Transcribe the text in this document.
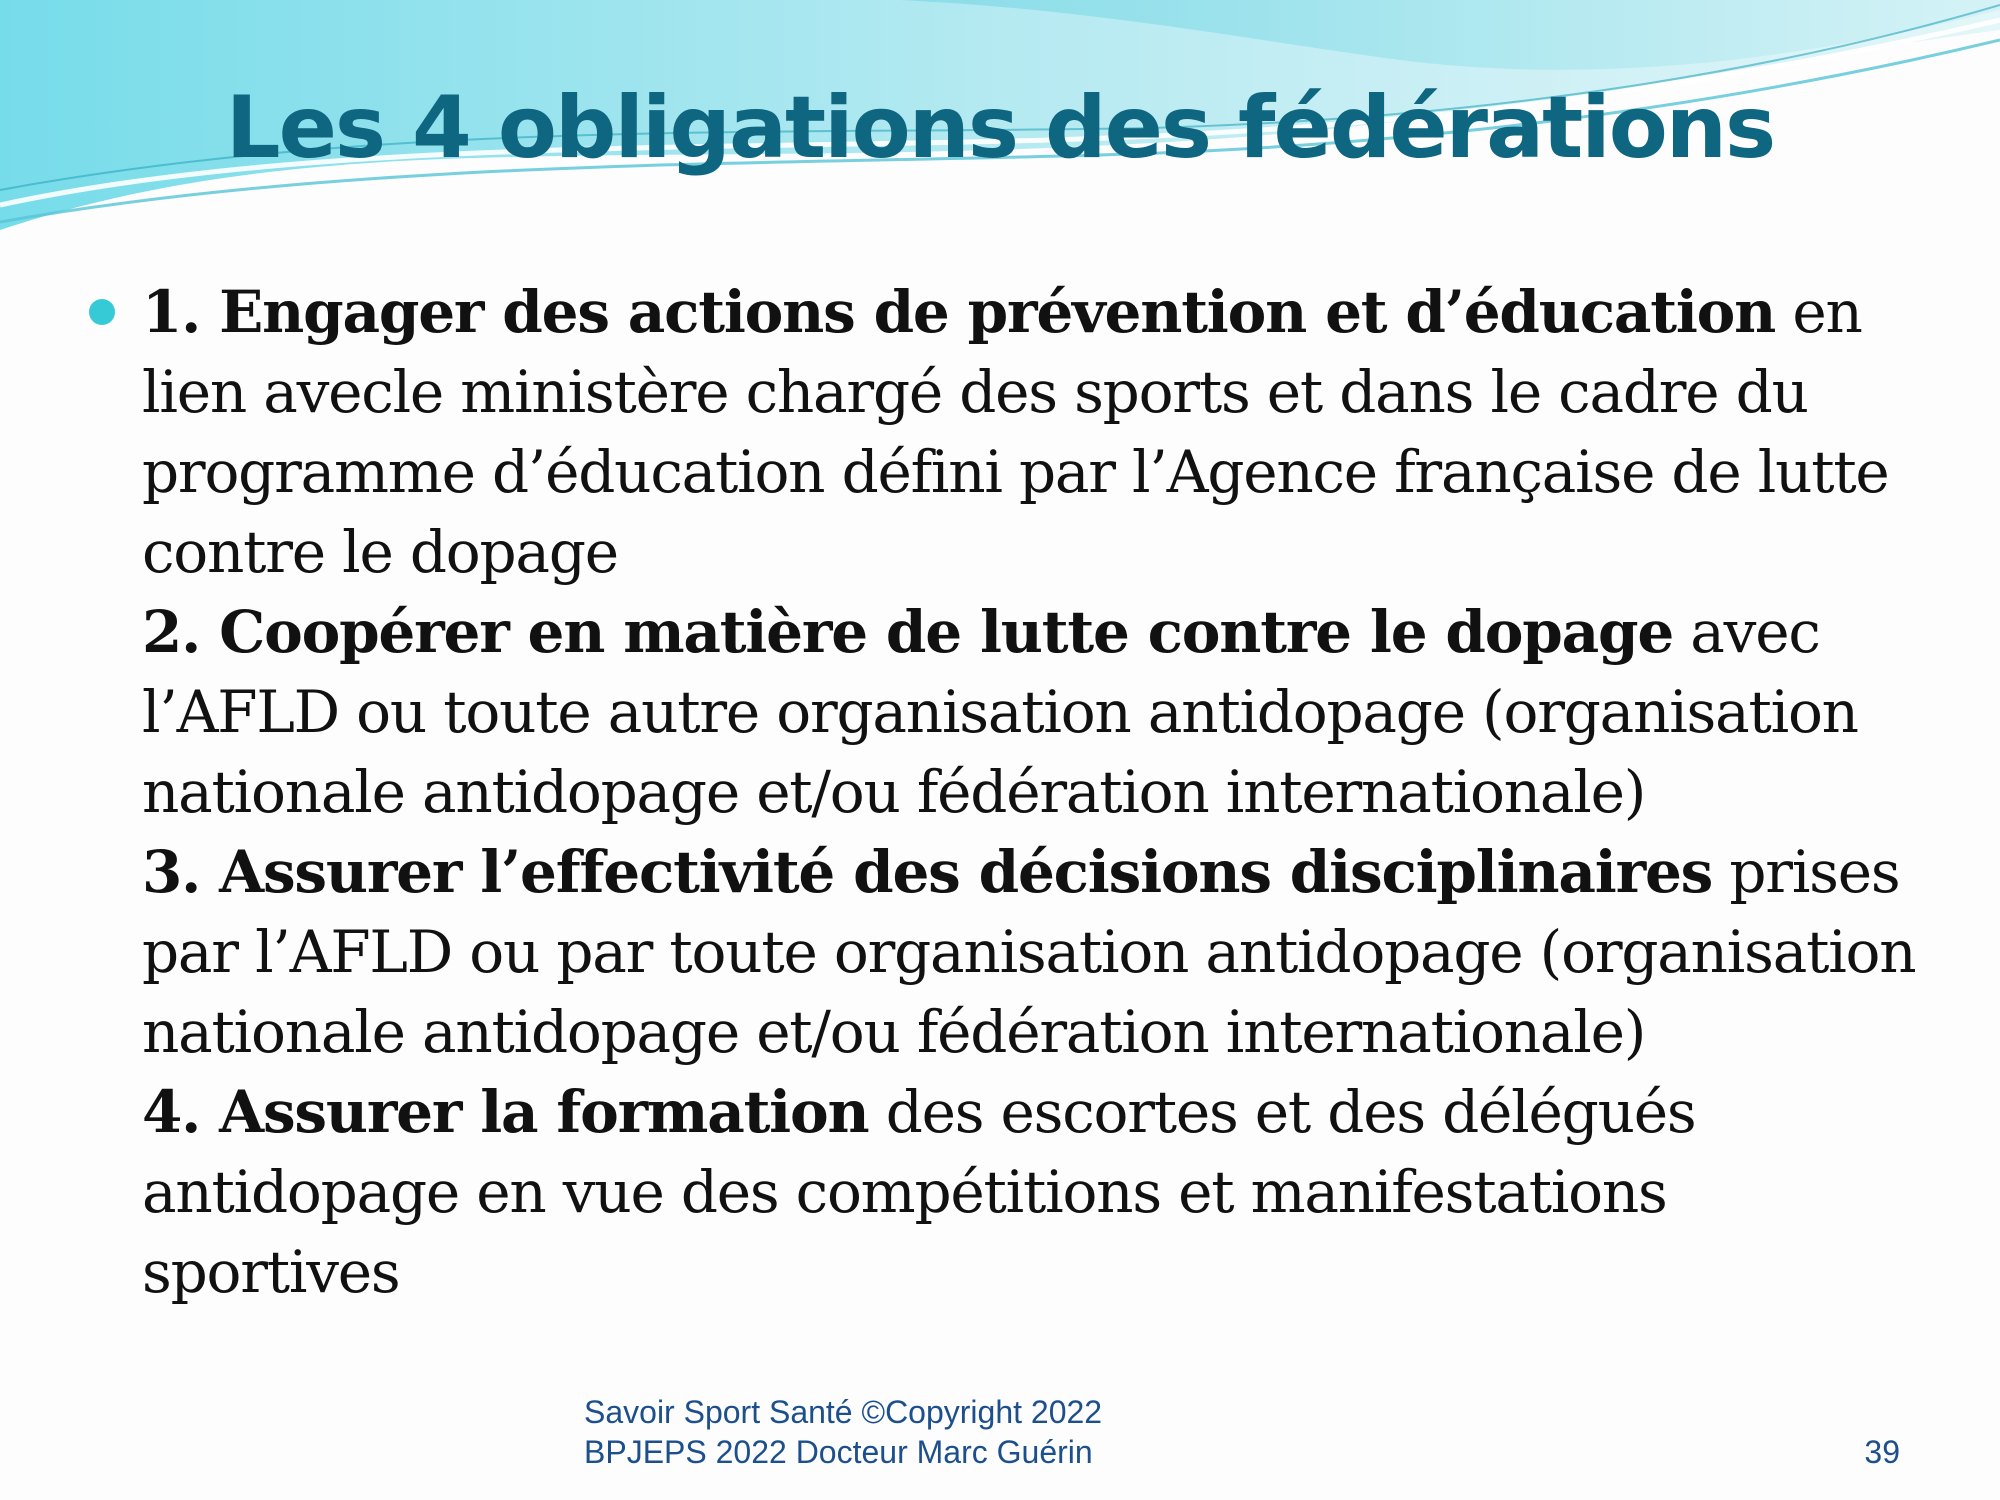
Les 4 obligations des fédérations
1. Engager des actions de prévention et d’éducation en lien avecle ministère chargé des sports et dans le cadre du programme d’éducation défini par l’Agence française de lutte contre le dopage
2. Coopérer en matière de lutte contre le dopage avec l’AFLD ou toute autre organisation antidopage (organisation nationale antidopage et/ou fédération internationale)
3. Assurer l’effectivité des décisions disciplinaires prises par l’AFLD ou par toute organisation antidopage (organisation nationale antidopage et/ou fédération internationale)
4. Assurer la formation des escortes et des délégués antidopage en vue des compétitions et manifestations sportives
Savoir Sport Santé ©Copyright 2022
BPJEPS 2022 Docteur Marc Guérin	39
